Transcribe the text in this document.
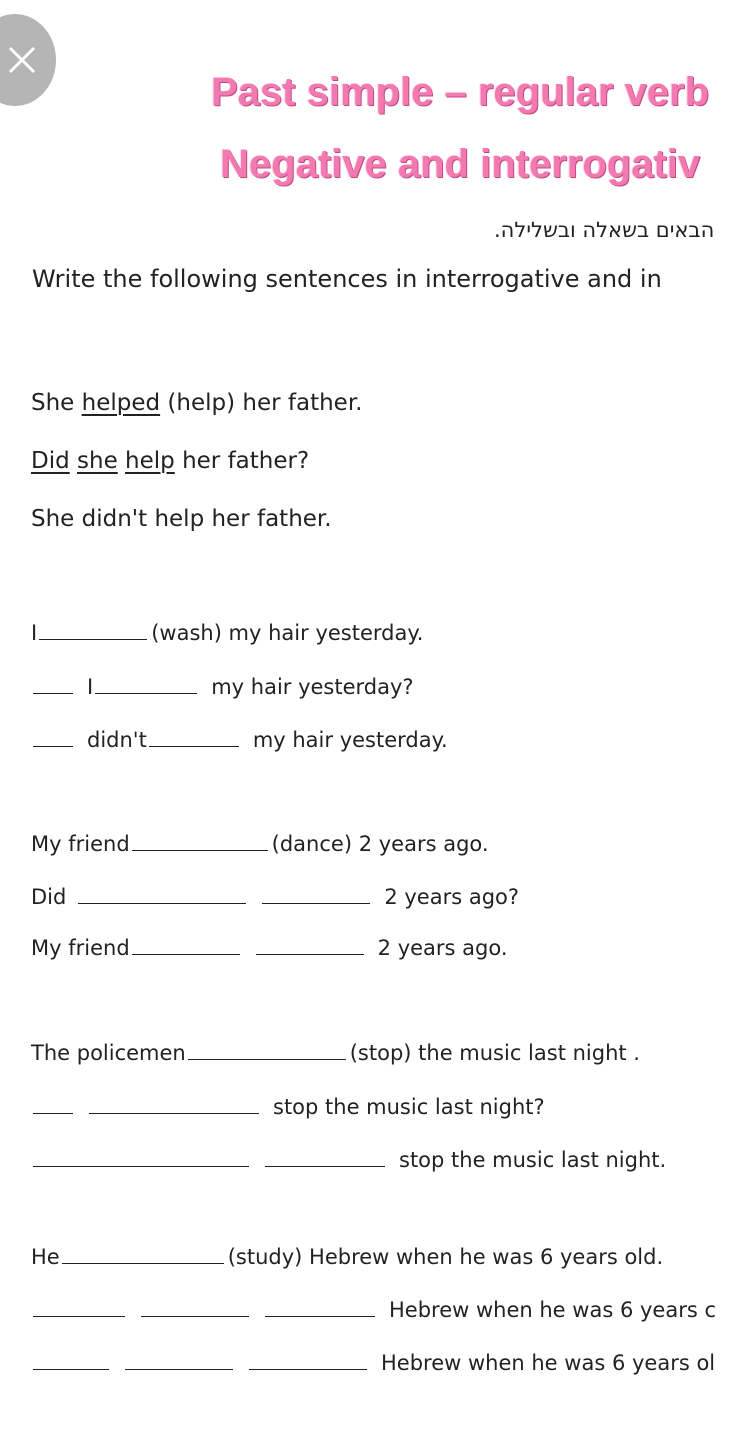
Past simple – regular verb
Negative and interrogativ
הבאים בשאלה ובשלילה.
Write the following sentences in interrogative and in
She helped (help) her father.
Did she help her father?
She didn't help her father.
I	(wash) my hair yesterday.
I	my hair yesterday?
didn't	my hair yesterday.
My friend	(dance) 2 years ago.
Did	2 years ago?
My friend	2 years ago.
The policemen	(stop) the music last night .
stop the music last night?
stop the music last night.
He	(study) Hebrew when he was 6 years old.
Hebrew when he was 6 years c
Hebrew when he was 6 years ol
